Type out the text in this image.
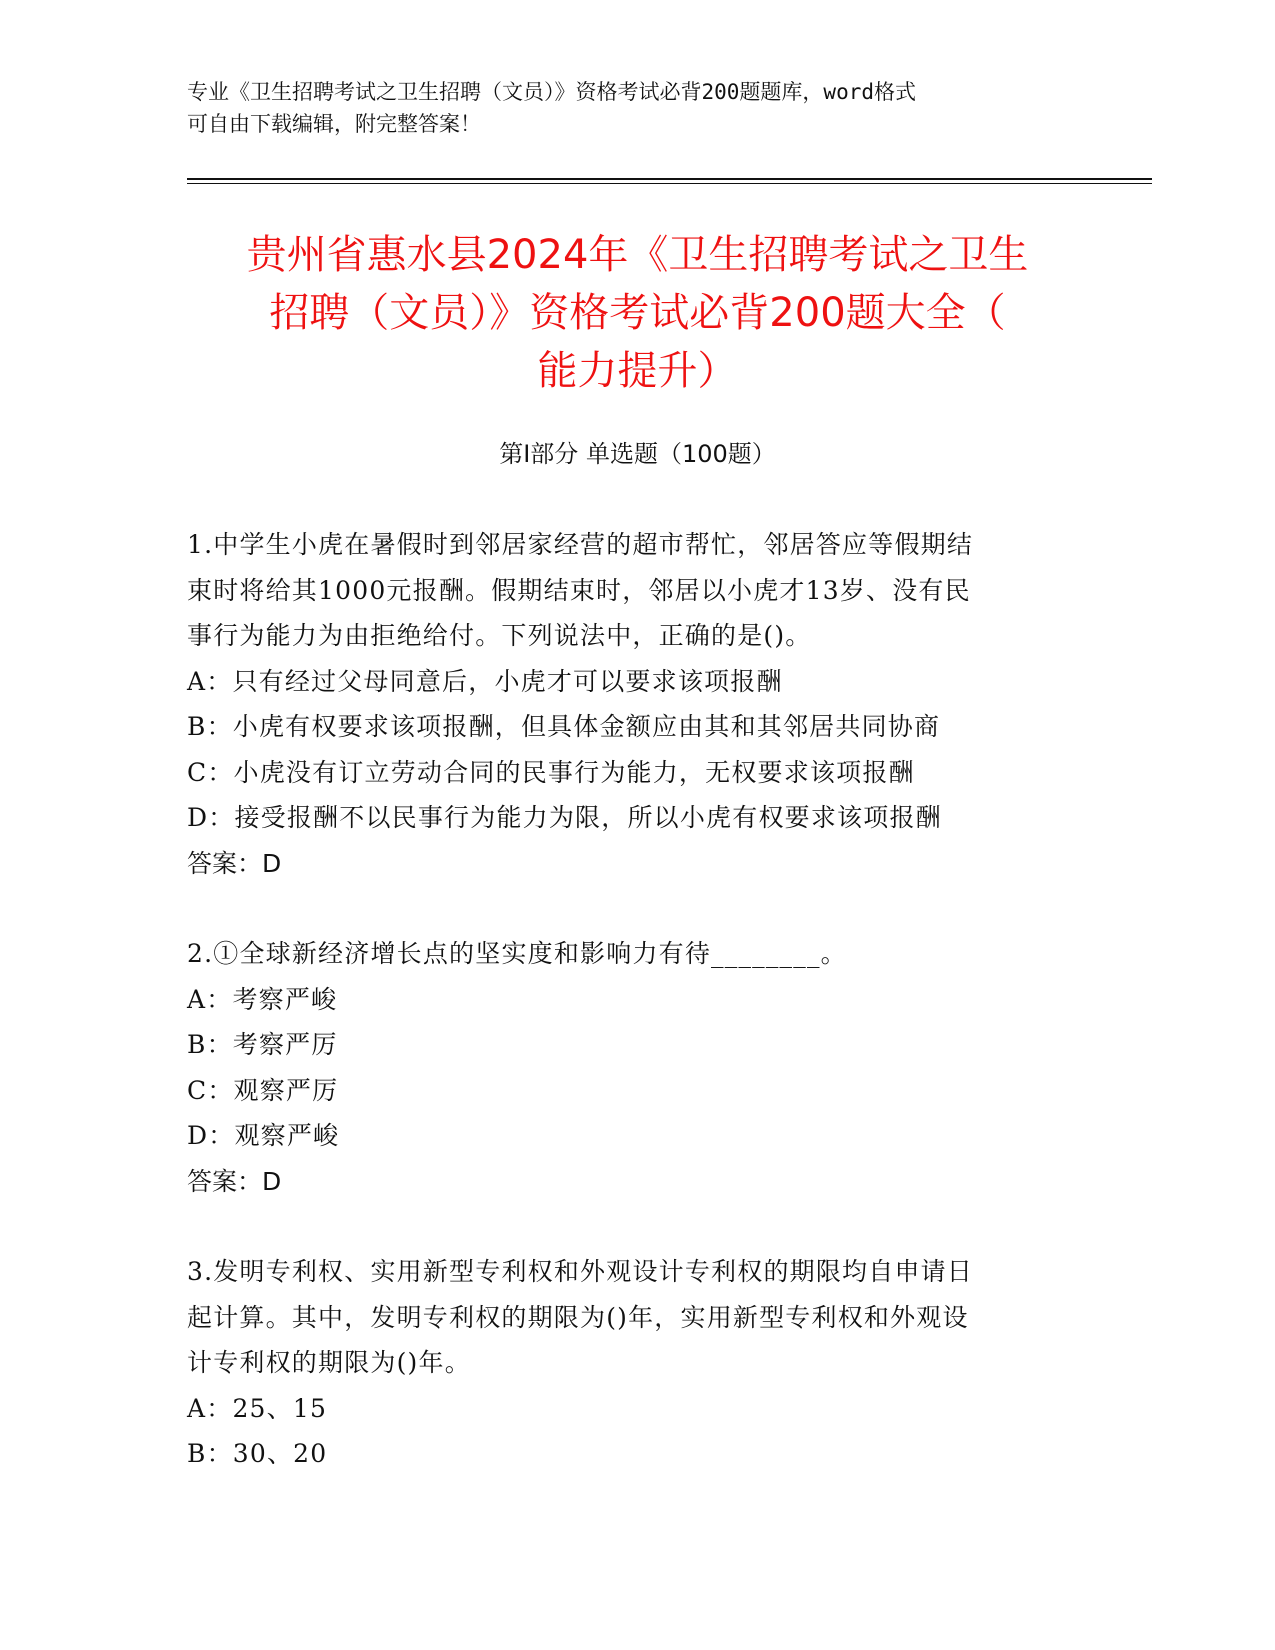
专业《卫生招聘考试之卫生招聘（文员）》资格考试必背200题题库，word格式
可自由下载编辑，附完整答案！
贵州省惠水县2024年《卫生招聘考试之卫生
招聘（文员）》资格考试必背200题大全（
能力提升）
第Ⅰ部分 单选题（100题）

1.中学生小虎在暑假时到邻居家经营的超市帮忙，邻居答应等假期结

束时将给其1000元报酬。假期结束时，邻居以小虎才13岁、没有民

事行为能力为由拒绝给付。下列说法中，正确的是()。

A：只有经过父母同意后，小虎才可以要求该项报酬

B：小虎有权要求该项报酬，但具体金额应由其和其邻居共同协商

C：小虎没有订立劳动合同的民事行为能力，无权要求该项报酬

D：接受报酬不以民事行为能力为限，所以小虎有权要求该项报酬

答案：D

2.①全球新经济增长点的坚实度和影响力有待________。

A：考察严峻

B：考察严厉

C：观察严厉

D：观察严峻

答案：D

3.发明专利权、实用新型专利权和外观设计专利权的期限均自申请日

起计算。其中，发明专利权的期限为()年，实用新型专利权和外观设

计专利权的期限为()年。

A：25、15

B：30、20
